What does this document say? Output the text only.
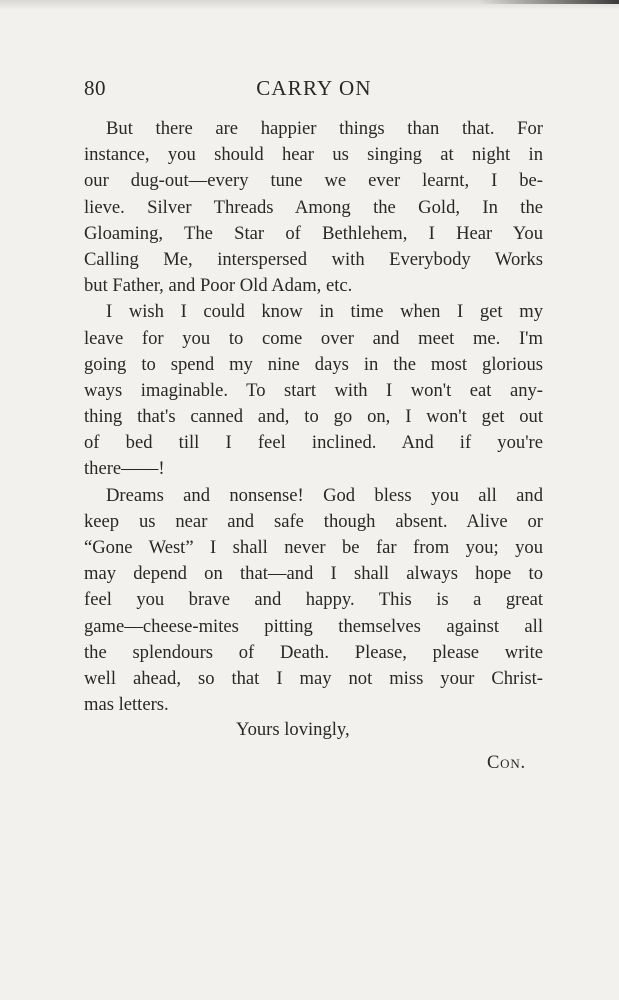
80	CARRY ON
But there are happier things than that. For
instance, you should hear us singing at night in
our dug-out—every tune we ever learnt, I be-
lieve. Silver Threads Among the Gold, In the
Gloaming, The Star of Bethlehem, I Hear You
Calling Me, interspersed with Everybody Works
but Father, and Poor Old Adam, etc.
I wish I could know in time when I get my
leave for you to come over and meet me. I'm
going to spend my nine days in the most glorious
ways imaginable. To start with I won't eat any-
thing that's canned and, to go on, I won't get out
of bed till I feel inclined. And if you're
there——!
Dreams and nonsense! God bless you all and
keep us near and safe though absent. Alive or
“Gone West” I shall never be far from you; you
may depend on that—and I shall always hope to
feel you brave and happy. This is a great
game—cheese-mites pitting themselves against all
the splendours of Death. Please, please write
well ahead, so that I may not miss your Christ-
mas letters.
Yours lovingly,
Con.
